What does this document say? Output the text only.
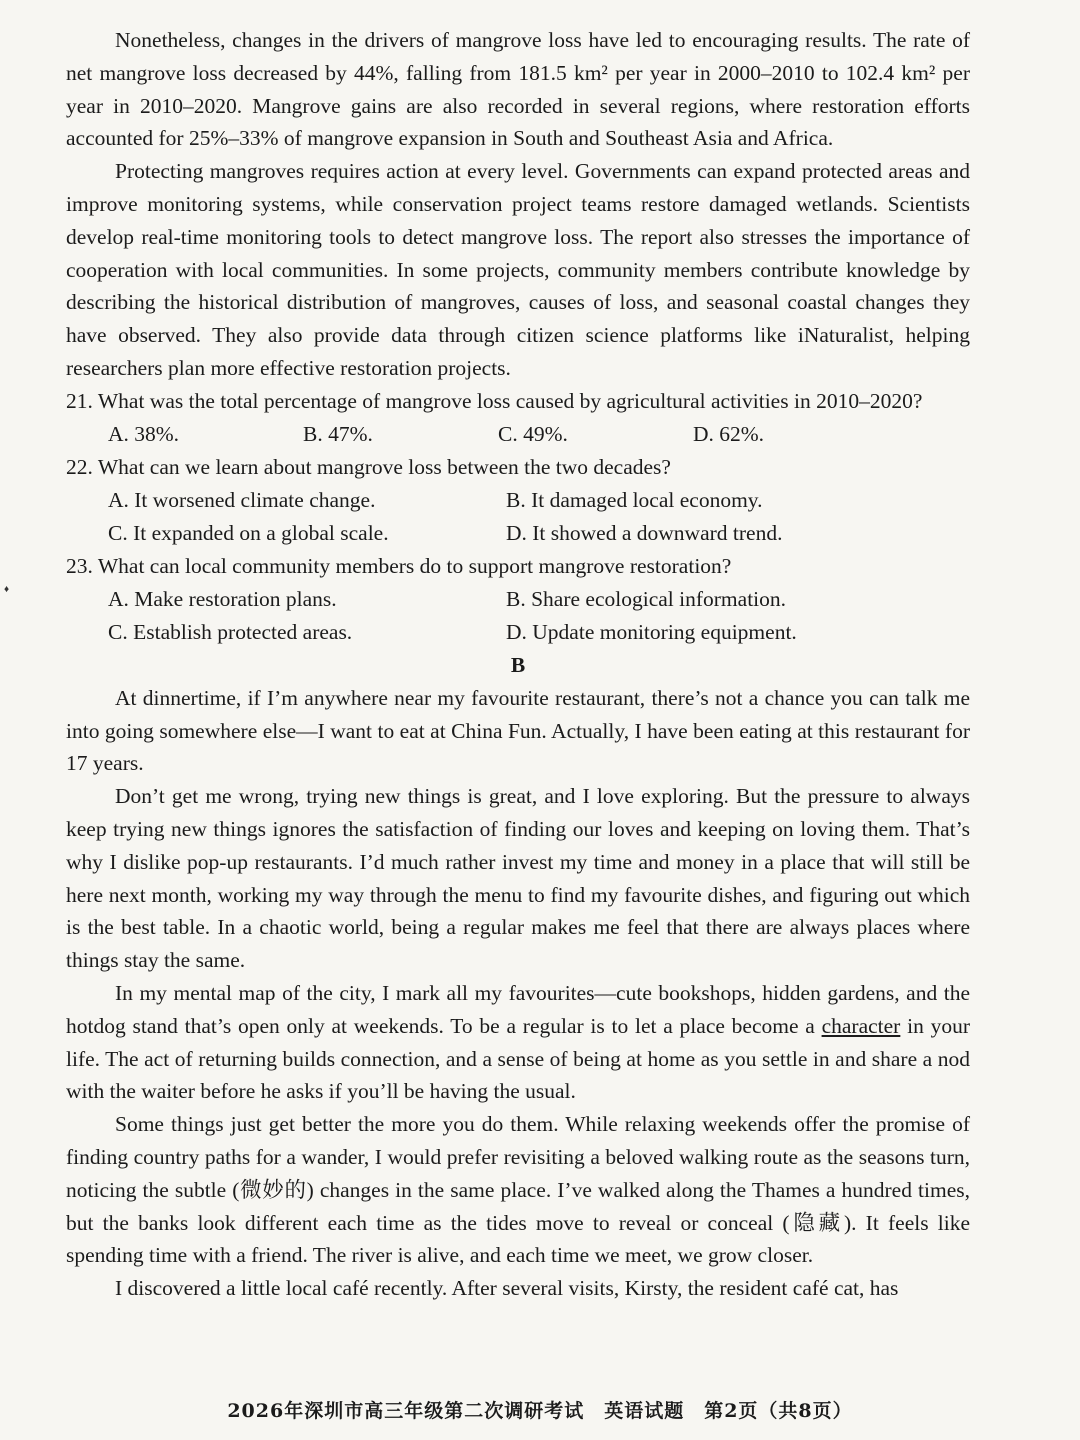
♦

Nonetheless, changes in the drivers of mangrove loss have led to encouraging results. The rate of net mangrove loss decreased by 44%, falling from 181.5 km² per year in 2000–2010 to 102.4 km² per year in 2010–2020. Mangrove gains are also recorded in several regions, where restoration efforts accounted for 25%–33% of mangrove expansion in South and Southeast Asia and Africa.

Protecting mangroves requires action at every level. Governments can expand protected areas and improve monitoring systems, while conservation project teams restore damaged wetlands. Scientists develop real-time monitoring tools to detect mangrove loss. The report also stresses the importance of cooperation with local communities. In some projects, community members contribute knowledge by describing the historical distribution of mangroves, causes of loss, and seasonal coastal changes they have observed. They also provide data through citizen science platforms like iNaturalist, helping researchers plan more effective restoration projects.

21. What was the total percentage of mangrove loss caused by agricultural activities in 2010–2020?
A. 38%.	B. 47%.	C. 49%.	D. 62%.
22. What can we learn about mangrove loss between the two decades?
A. It worsened climate change.	B. It damaged local economy.
C. It expanded on a global scale.	D. It showed a downward trend.
23. What can local community members do to support mangrove restoration?
A. Make restoration plans.	B. Share ecological information.
C. Establish protected areas.	D. Update monitoring equipment.
B

At dinnertime, if I’m anywhere near my favourite restaurant, there’s not a chance you can talk me into going somewhere else—I want to eat at China Fun. Actually, I have been eating at this restaurant for 17 years.

Don’t get me wrong, trying new things is great, and I love exploring. But the pressure to always keep trying new things ignores the satisfaction of finding our loves and keeping on loving them. That’s why I dislike pop-up restaurants. I’d much rather invest my time and money in a place that will still be here next month, working my way through the menu to find my favourite dishes, and figuring out which is the best table. In a chaotic world, being a regular makes me feel that there are always places where things stay the same.

In my mental map of the city, I mark all my favourites—cute bookshops, hidden gardens, and the hotdog stand that’s open only at weekends. To be a regular is to let a place become a character in your life. The act of returning builds connection, and a sense of being at home as you settle in and share a nod with the waiter before he asks if you’ll be having the usual.

Some things just get better the more you do them. While relaxing weekends offer the promise of finding country paths for a wander, I would prefer revisiting a beloved walking route as the seasons turn, noticing the subtle (微妙的) changes in the same place. I’ve walked along the Thames a hundred times, but the banks look different each time as the tides move to reveal or conceal (隐藏). It feels like spending time with a friend. The river is alive, and each time we meet, we grow closer.

I discovered a little local café recently. After several visits, Kirsty, the resident café cat, has

2026年深圳市高三年级第二次调研考试　英语试题　第2页（共8页）
